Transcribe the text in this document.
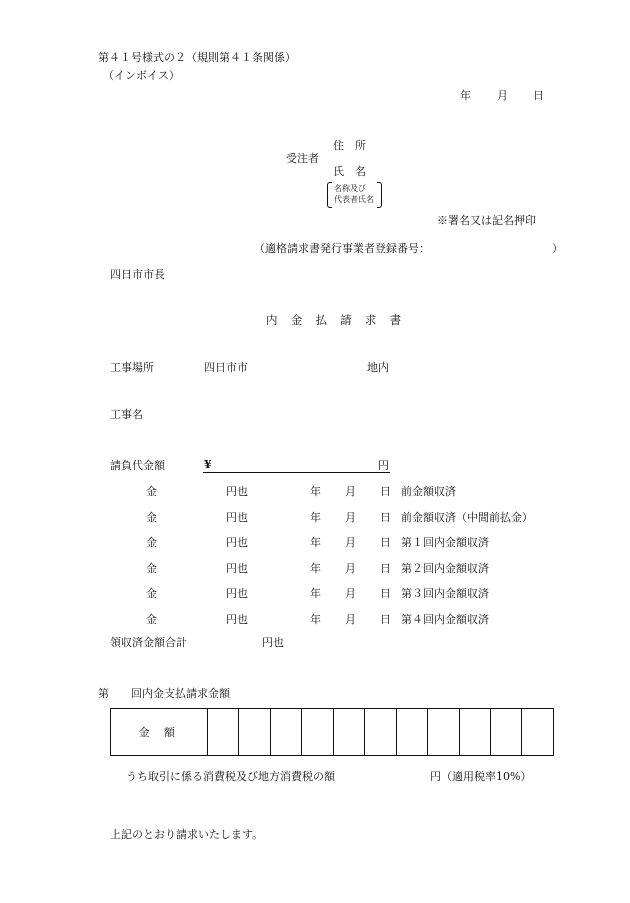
第４１号様式の２（規則第４１条関係）
（インボイス）
年 月 日
受注者
住　所
氏　名
名称及び
代表者氏名
※署名又は記名押印
（適格請求書発行事業者登録番号：	）
四日市市長
内金払請求書
工事場所	四日市市	地内
工事名
請負代金額	¥	円
金	円也	年 月 日 前金額収済
金	円也	年 月 日 前金額収済（中間前払金）
金	円也	年 月 日 第１回内金額収済
金	円也	年 月 日 第２回内金額収済
金	円也	年 月 日 第３回内金額収済
金	円也	年 月 日 第４回内金額収済
領収済金額合計	円也
第 回内金支払請求金額
金額											
うち取引に係る消費税及び地方消費税の額	円（適用税率10%）
上記のとおり請求いたします。
